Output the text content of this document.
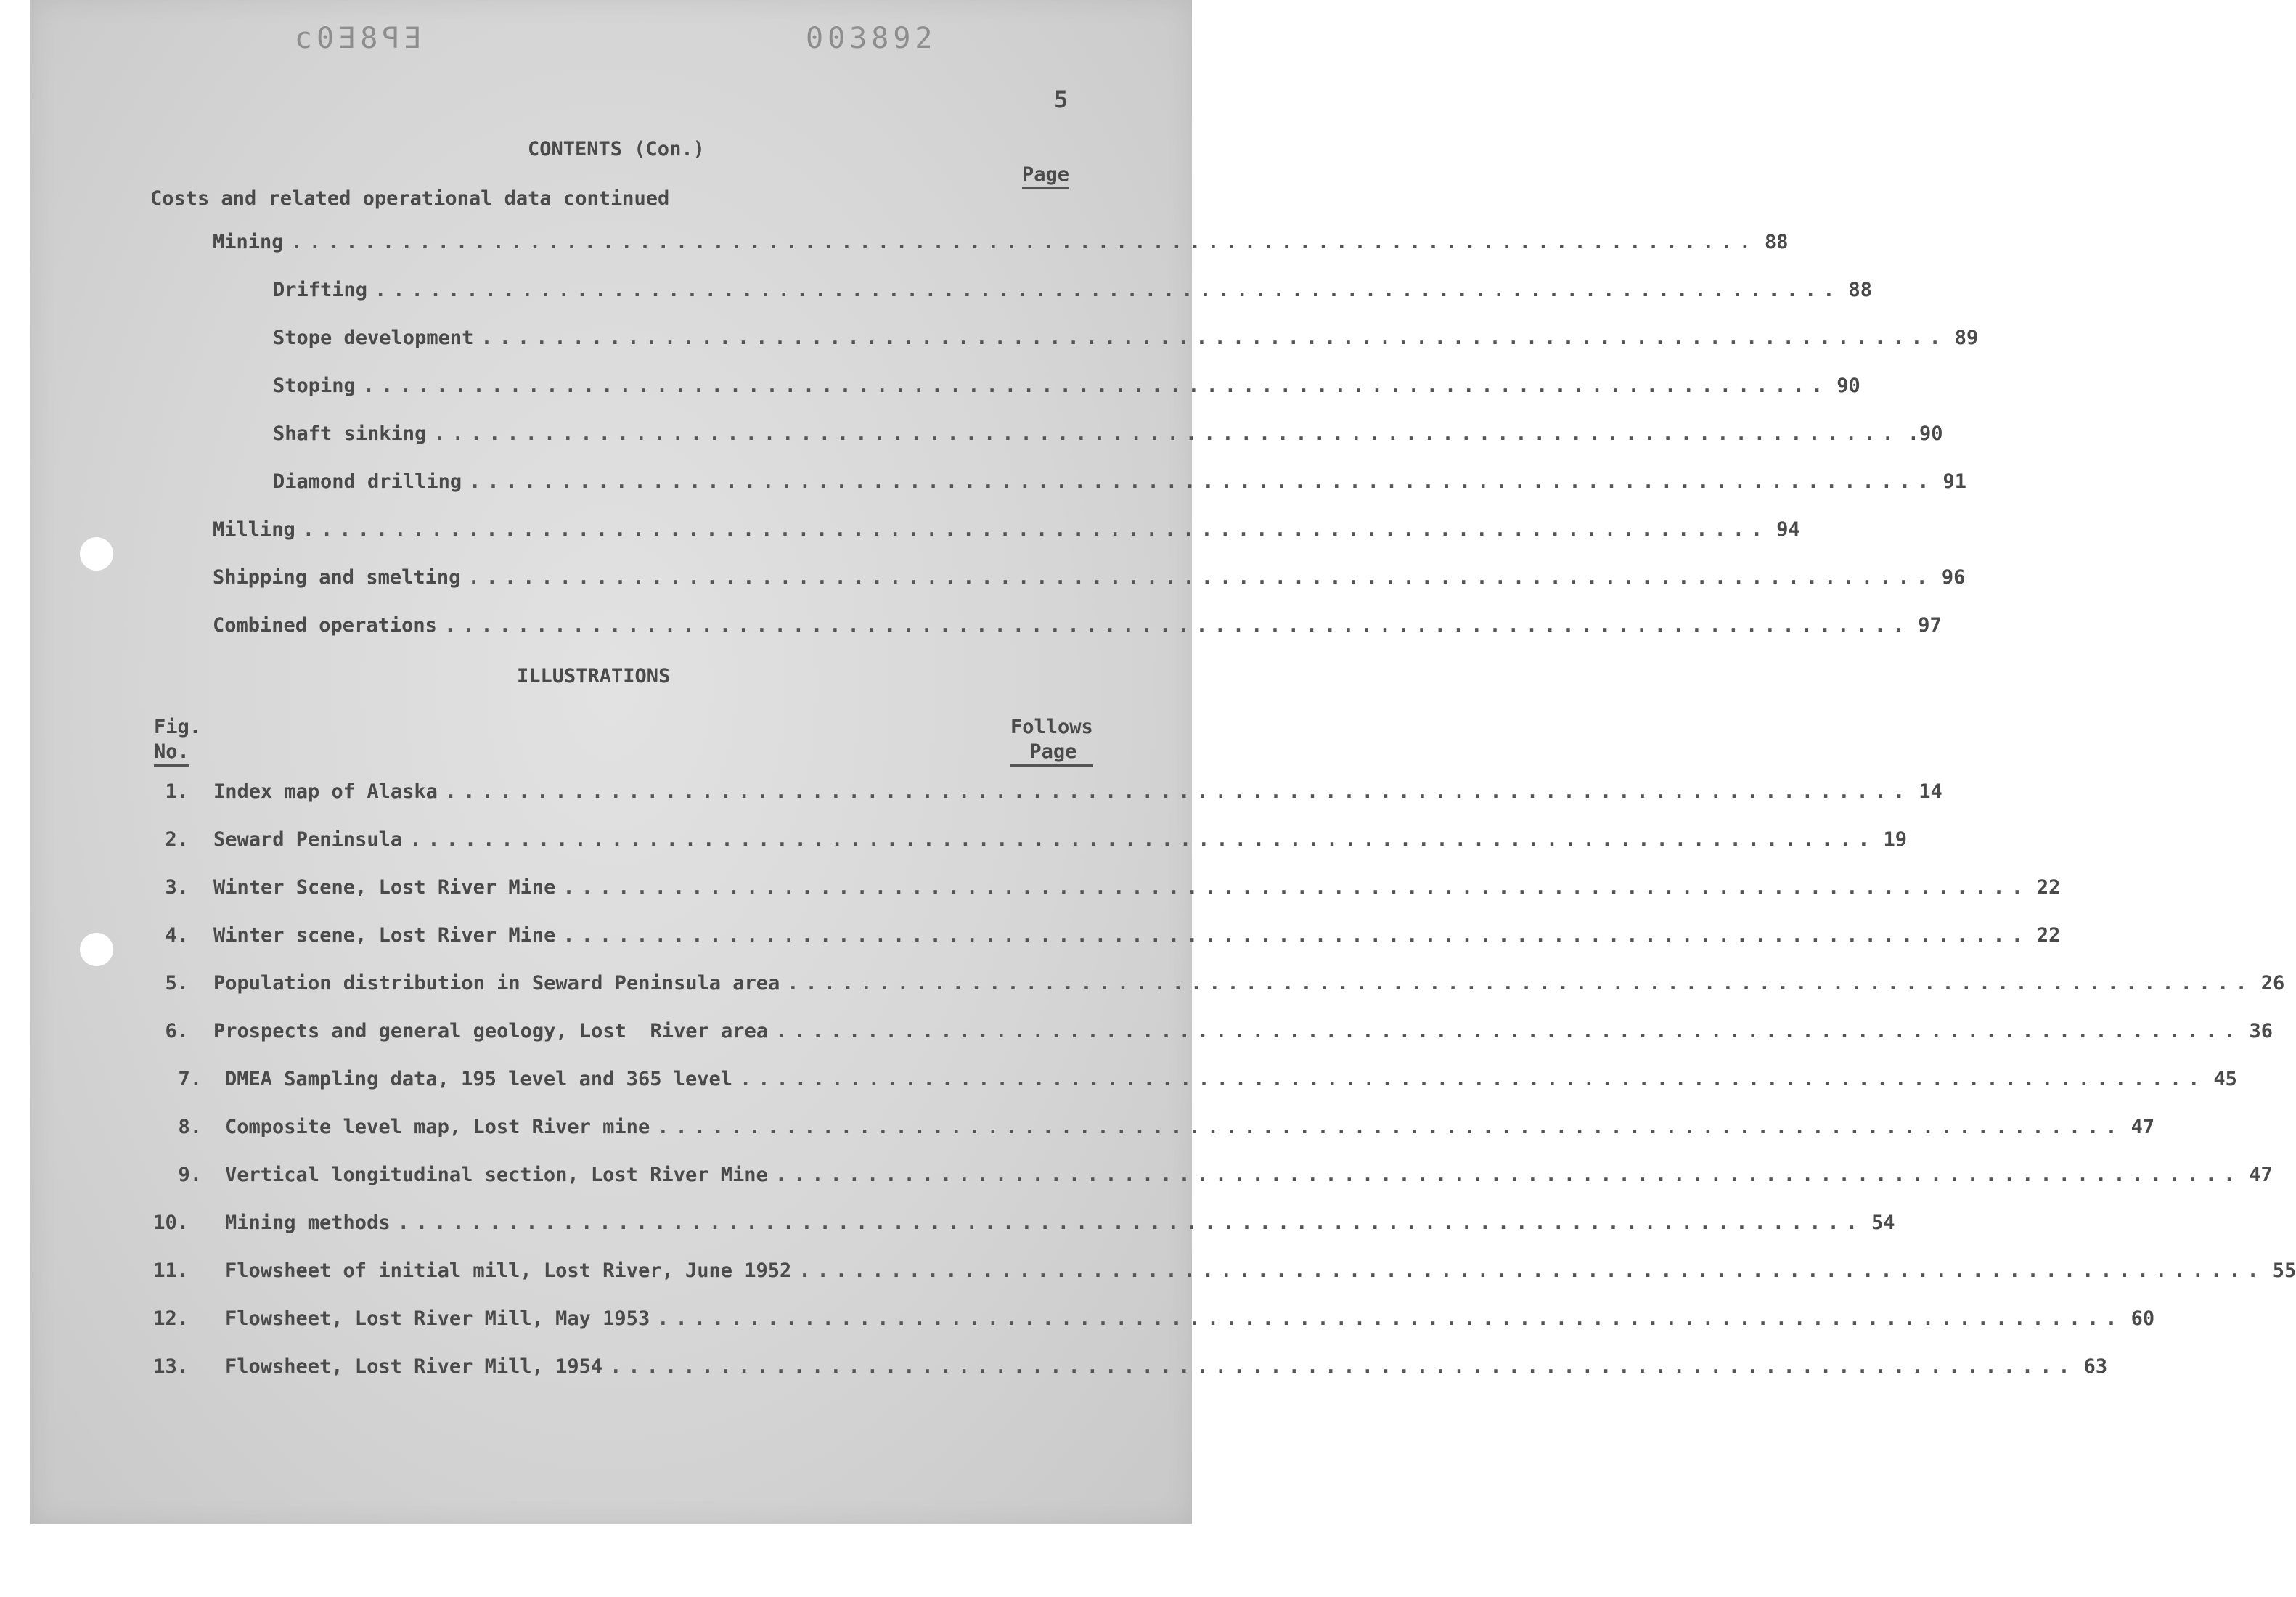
EP8E0ɔ	003892
5
CONTENTS (Con.)
Page
Costs and related operational data continued
Mining ................................................................................ 88
Drifting ................................................................................ 88
Stope development ................................................................................ 89
Stoping ................................................................................ 90
Shaft sinking ................................................................................ .90
Diamond drilling ................................................................................ 91
Milling ................................................................................ 94
Shipping and smelting ................................................................................ 96
Combined operations ................................................................................ 97
ILLUSTRATIONS
Fig.
No.
Follows
Page
1. Index map of Alaska ................................................................................ 14
2. Seward Peninsula ................................................................................ 19
3. Winter Scene, Lost River Mine ................................................................................ 22
4. Winter scene, Lost River Mine ................................................................................ 22
5. Population distribution in Seward Peninsula area ................................................................................ 26
6. Prospects and general geology, Lost  River area ................................................................................ 36
7. DMEA Sampling data, 195 level and 365 level ................................................................................ 45
8. Composite level map, Lost River mine ................................................................................ 47
9. Vertical longitudinal section, Lost River Mine ................................................................................ 47
10. Mining methods ................................................................................ 54
11. Flowsheet of initial mill, Lost River, June 1952 ................................................................................ 55
12. Flowsheet, Lost River Mill, May 1953 ................................................................................ 60
13. Flowsheet, Lost River Mill, 1954 ................................................................................ 63
